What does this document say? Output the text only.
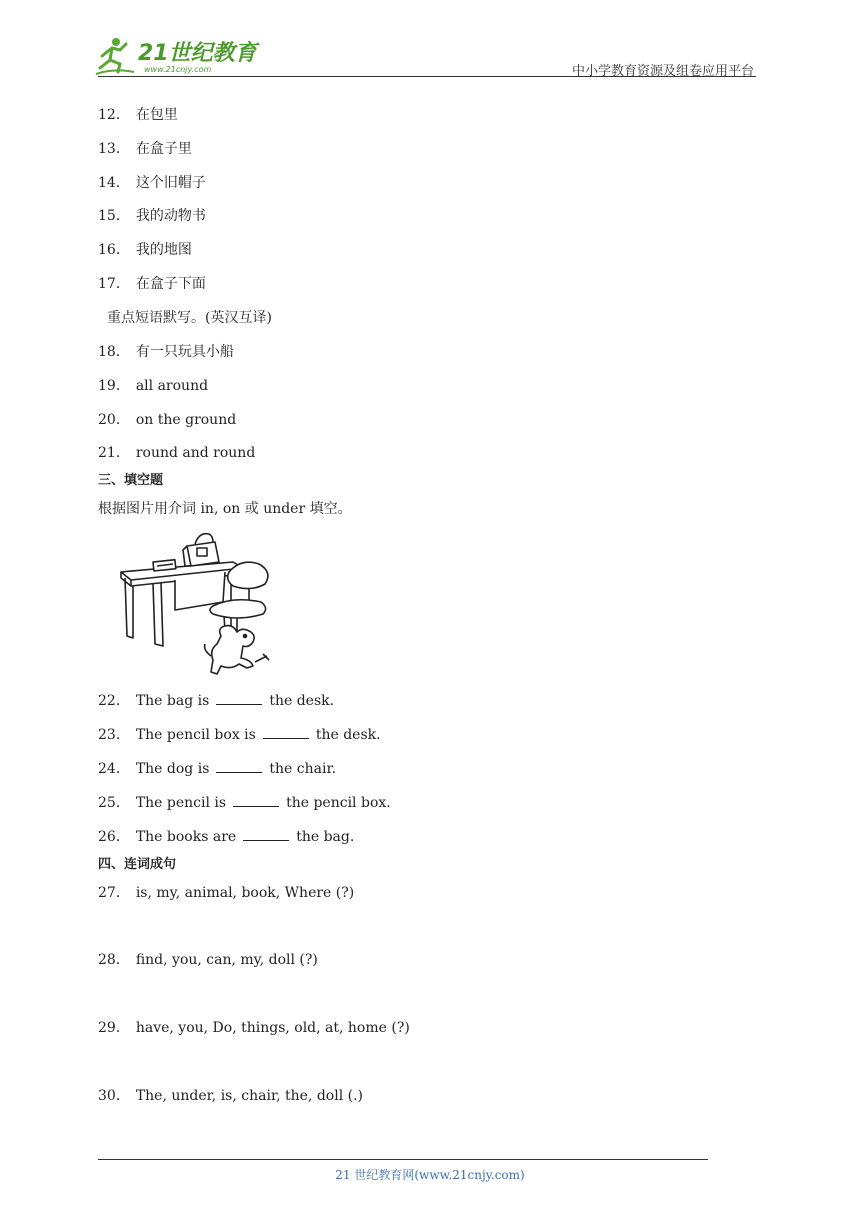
21世纪教育
www.21cnjy.com	中小学教育资源及组卷应用平台
12． 在包里
13． 在盒子里
14． 这个旧帽子
15． 我的动物书
16． 我的地图
17． 在盒子下面
重点短语默写。(英汉互译)
18． 有一只玩具小船
19． all around
20． on the ground
21． round and round
三、填空题
根据图片用介词 in, on 或 under 填空。
22． The bag is	the desk.
23． The pencil box is	the desk.
24． The dog is	the chair.
25． The pencil is	the pencil box.
26． The books are	the bag.
四、连词成句
27． is, my, animal, book, Where (?)
28． find, you, can, my, doll (?)
29． have, you, Do, things, old, at, home (?)
30． The, under, is, chair, the, doll (.)
21 世纪教育网(www.21cnjy.com)
